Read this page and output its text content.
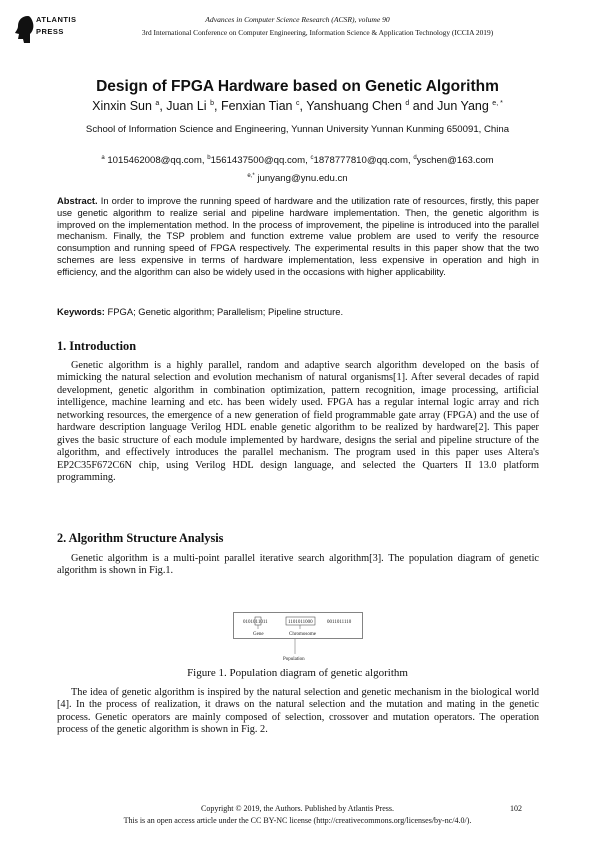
ATLANTIS
PRESS
Advances in Computer Science Research (ACSR), volume 90
3rd International Conference on Computer Engineering, Information Science & Application Technology (ICCIA 2019)
Design of FPGA Hardware based on Genetic Algorithm
Xinxin Sun $^a$, Juan Li $^b$, Fenxian Tian $^c$, Yanshuang Chen $^d$ and Jun Yang $^{e, *}$
School of Information Science and Engineering, Yunnan University Yunnan Kunming 650091, China
$^a$ 1015462008@qq.com, $^b$1561437500@qq.com, $^c$1878777810@qq.com, $^d$yschen@163.com
$^{e,*}$ junyang@ynu.edu.cn
Abstract. In order to improve the running speed of hardware and the utilization rate of resources, firstly, this paper use genetic algorithm to realize serial and pipeline hardware implementation. Then, the genetic algorithm is improved on the implementation method. In the process of improvement, the pipeline is introduced into the parallel mechanism. Finally, the TSP problem and function extreme value problem are used to verify the resource consumption and running speed of FPGA respectively. The experimental results in this paper show that the two schemes are less expensive in terms of hardware implementation, less expensive in operation and high in efficiency, and the algorithm can also be widely used in the occasions with higher applicability.
Keywords: FPGA; Genetic algorithm; Parallelism; Pipeline structure.
1. Introduction
Genetic algorithm is a highly parallel, random and adaptive search algorithm developed on the basis of mimicking the natural selection and evolution mechanism of natural organisms[1]. After several decades of rapid development, genetic algorithm in combination optimization, pattern recognition, image processing, artificial intelligence, machine learning and etc. has been widely used. FPGA has a regular internal logic array and rich networking resources, the emergence of a new generation of field programmable gate array (FPGA) and the use of hardware description language Verilog HDL enable genetic algorithm to be realized by hardware[2]. This paper gives the basic structure of each module implemented by hardware, designs the serial and pipeline structure of the algorithm, and effectively introduces the parallel mechanism. The program used in this paper uses Altera's EP2C35F672C6N chip, using Verilog HDL design language, and selected the Quarters II 13.0 platform programming.
2. Algorithm Structure Analysis
Genetic algorithm is a multi-point parallel iterative search algorithm[3]. The population diagram of genetic algorithm is shown in Fig.1.
0101011011	1101011000	0011011110
Gene	Chromosome
Population
Figure 1. Population diagram of genetic algorithm
The idea of genetic algorithm is inspired by the natural selection and genetic mechanism in the biological world [4]. In the process of realization, it draws on the natural selection and the mutation and mating in the genetic process. Genetic operators are mainly composed of selection, crossover and mutation operators. The operation process of the genetic algorithm is shown in Fig. 2.
Copyright © 2019, the Authors. Published by Atlantis Press.	102
This is an open access article under the CC BY-NC license (http://creativecommons.org/licenses/by-nc/4.0/).
